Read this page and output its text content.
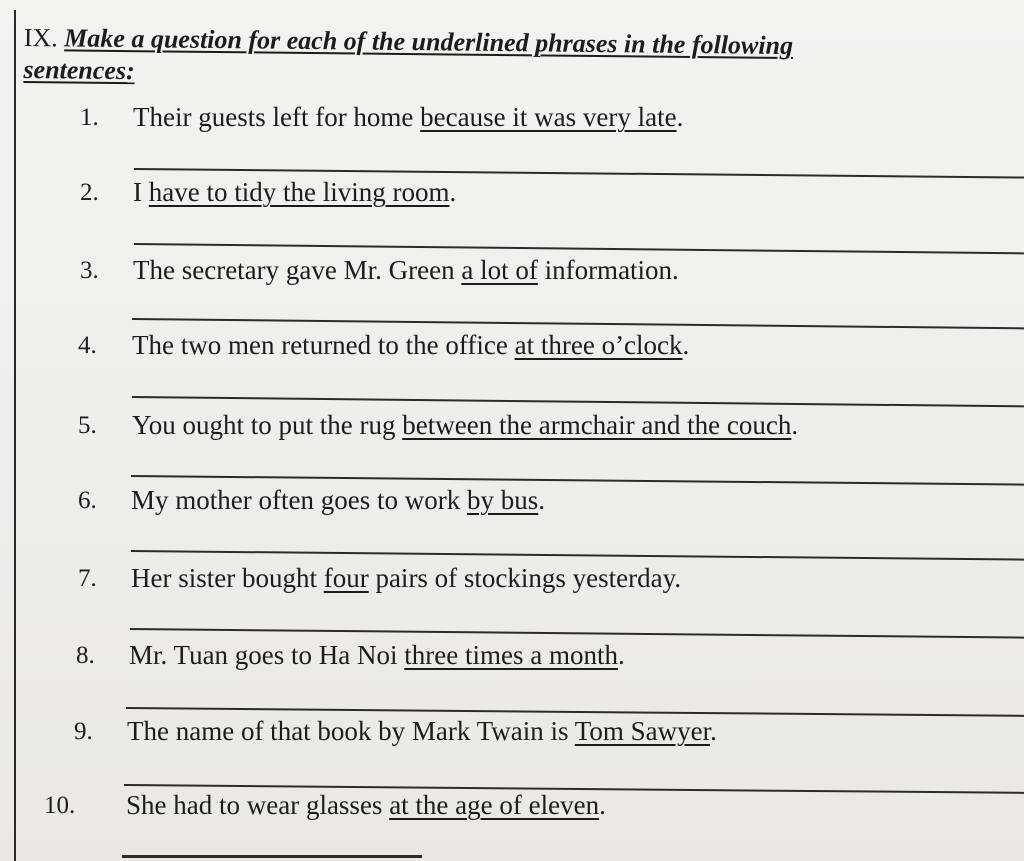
IX. Make a question for each of the underlined phrases in the following
sentences:
1. Their guests left for home because it was very late.
2. I have to tidy the living room.
3. The secretary gave Mr. Green a lot of information.
4. The two men returned to the office at three o’clock.
5. You ought to put the rug between the armchair and the couch.
6. My mother often goes to work by bus.
7. Her sister bought four pairs of stockings yesterday.
8. Mr. Tuan goes to Ha Noi three times a month.
9. The name of that book by Mark Twain is Tom Sawyer.
10. She had to wear glasses at the age of eleven.
